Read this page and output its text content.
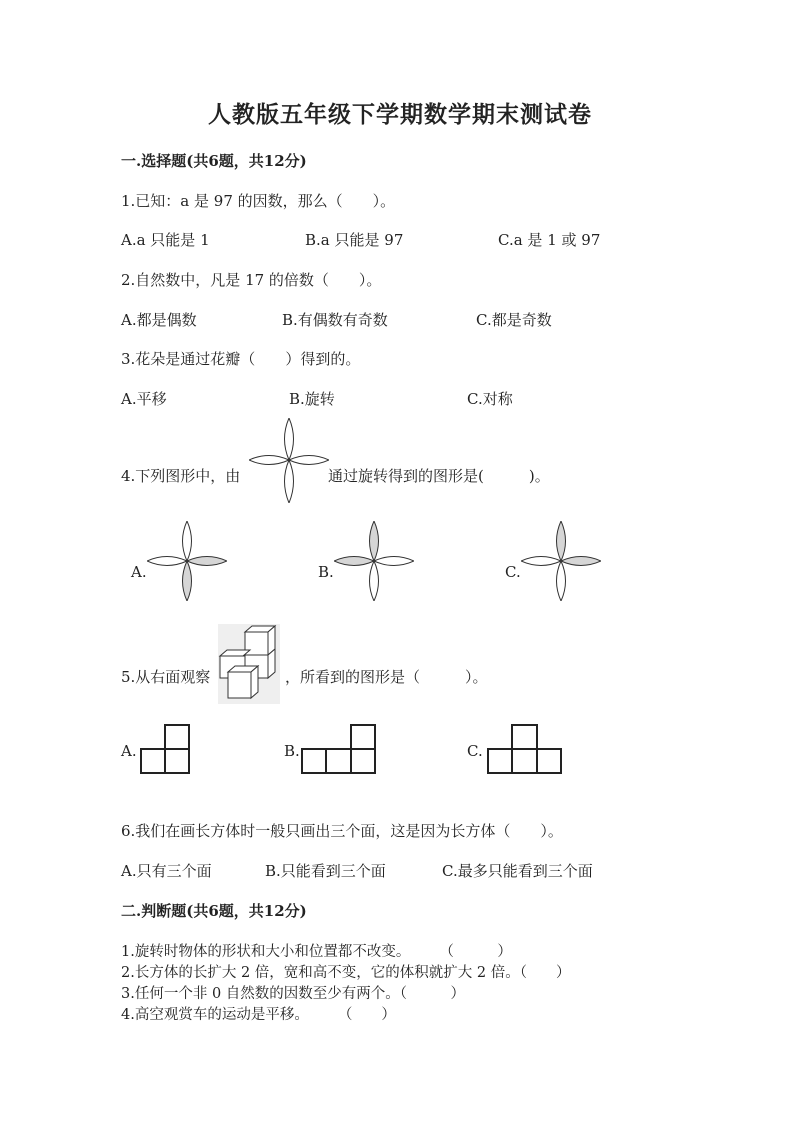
人教版五年级下学期数学期末测试卷
一.选择题(共6题，共12分)
1.已知：a 是 97 的因数，那么（　　）。
A.a 只能是 1	B.a 只能是 97	C.a 是 1 或 97
2.自然数中，凡是 17 的倍数（　　）。
A.都是偶数	B.有偶数有奇数	C.都是奇数
3.花朵是通过花瓣（　　）得到的。
A.平移	B.旋转	C.对称
4.下列图形中，由	通过旋转得到的图形是(　　　)。
A.	B.	C.
5.从右面观察	，所看到的图形是（　　　）。
A.	B.	C.
6.我们在画长方体时一般只画出三个面，这是因为长方体（　　）。
A.只有三个面	B.只能看到三个面	C.最多只能看到三个面
二.判断题(共6题，共12分)
1.旋转时物体的形状和大小和位置都不改变。　　　（　　　）
2.长方体的长扩大 2 倍，宽和高不变，它的体积就扩大 2 倍。（　　）
3.任何一个非 0 自然数的因数至少有两个。（　　　）
4.高空观赏车的运动是平移。　　　（　　）
